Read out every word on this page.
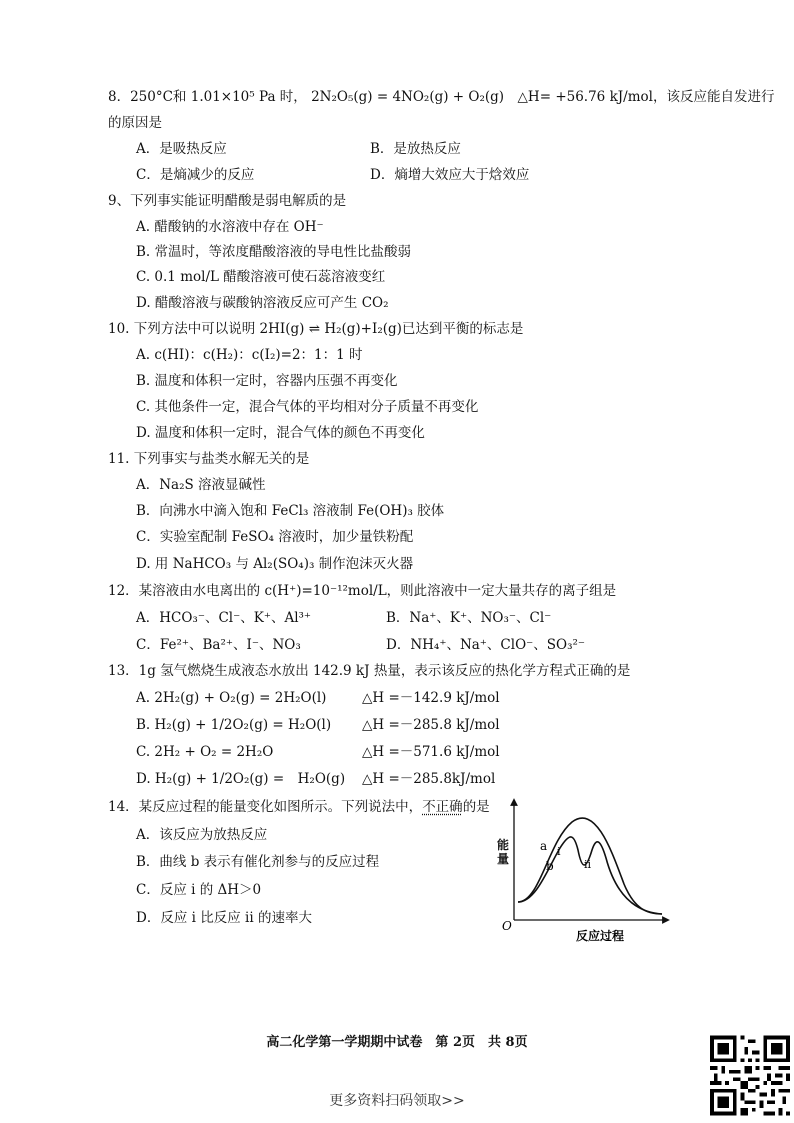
8．250°C和 1.01×10⁵ Pa 时， 2N₂O₅(g) = 4NO₂(g) + O₂(g)　△H= +56.76 kJ/mol，该反应能自发进行
的原因是
A．是吸热反应	B．是放热反应
C．是熵减少的反应	D．熵增大效应大于焓效应
9、下列事实能证明醋酸是弱电解质的是
A. 醋酸钠的水溶液中存在 OH⁻
B. 常温时，等浓度醋酸溶液的导电性比盐酸弱
C. 0.1 mol/L 醋酸溶液可使石蕊溶液变红
D. 醋酸溶液与碳酸钠溶液反应可产生 CO₂
10. 下列方法中可以说明 2HI(g) ⇌ H₂(g)+I₂(g)已达到平衡的标志是
A. c(HI)：c(H₂)：c(I₂)=2：1：1 时
B. 温度和体积一定时，容器内压强不再变化
C. 其他条件一定，混合气体的平均相对分子质量不再变化
D. 温度和体积一定时，混合气体的颜色不再变化
11. 下列事实与盐类水解无关的是
A．Na₂S 溶液显碱性
B．向沸水中滴入饱和 FeCl₃ 溶液制 Fe(OH)₃ 胶体
C．实验室配制 FeSO₄ 溶液时，加少量铁粉配
D. 用 NaHCO₃ 与 Al₂(SO₄)₃ 制作泡沫灭火器
12．某溶液由水电离出的 c(H⁺)=10⁻¹²mol/L，则此溶液中一定大量共存的离子组是
A．HCO₃⁻、Cl⁻、K⁺、Al³⁺	B．Na⁺、K⁺、NO₃⁻、Cl⁻
C．Fe²⁺、Ba²⁺、I⁻、NO₃	D．NH₄⁺、Na⁺、ClO⁻、SO₃²⁻
13．1g 氢气燃烧生成液态水放出 142.9 kJ 热量，表示该反应的热化学方程式正确的是
A. 2H₂(g) + O₂(g) = 2H₂O(l)	△H =－142.9 kJ/mol
B. H₂(g) + 1/2O₂(g) = H₂O(l) △H =－285.8 kJ/mol
C. 2H₂ + O₂ = 2H₂O	△H =－571.6 kJ/mol
D. H₂(g) + 1/2O₂(g) =　H₂O(g) △H =－285.8kJ/mol
14．某反应过程的能量变化如图所示。下列说法中，不正确的是
A．该反应为放热反应
B．曲线 b 表示有催化剂参与的反应过程
C．反应 i 的 ΔH＞0
D．反应 i 比反应 ii 的速率大
a
b
i
ii
O
反应过程
能量
高二化学第一学期期中试卷　第 2页　共 8页
更多资料扫码领取>>
